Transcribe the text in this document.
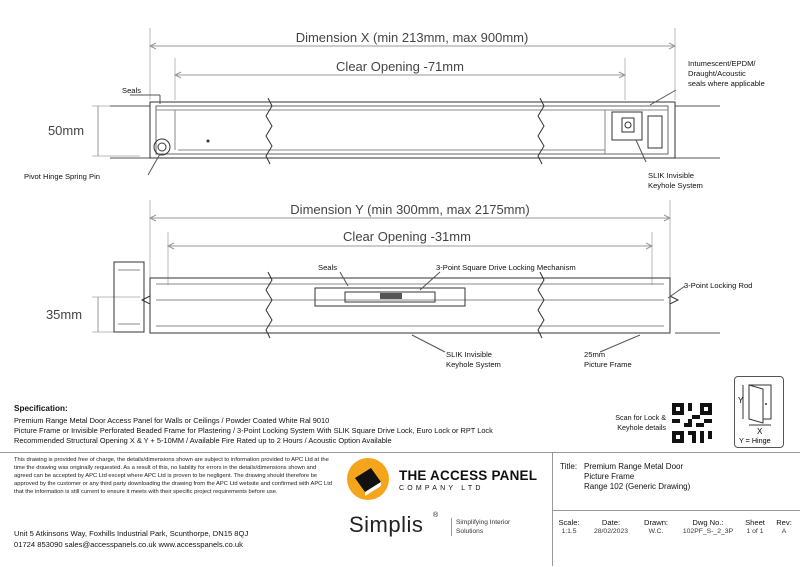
Dimension X (min 213mm, max 900mm)
Clear Opening -71mm
Dimension Y (min 300mm, max 2175mm)
Clear Opening -31mm
50mm
35mm
Seals
Intumescent/EPDM/
Draught/Acoustic
seals where applicable
Pivot Hinge Spring Pin	SLIK Invisible
Keyhole System
Seals	3-Point Square Drive Locking Mechanism
3-Point Locking Rod
SLIK Invisible
Keyhole System
25mm
Picture Frame
Y
X
Y = Hinge
Specification:
Premium Range Metal Door Access Panel for Walls or Ceilings / Powder Coated White Ral 9010
Picture Frame or Invisible Perforated Beaded Frame for Plastering / 3-Point Locking System With SLIK Square Drive Lock, Euro Lock or RPT Lock
Recommended Structural Opening X & Y + 5-10MM / Available Fire Rated up to 2 Hours / Acoustic Option Available
Scan for Lock &
Keyhole details
This drawing is provided free of charge, the details/dimensions shown are subject to information provided to APC Ltd at the time the drawing was originally requested. As a result of this, no liability for errors in the details/dimensions shown and agreed can be accepted by APC Ltd except where APC Ltd is proven to be negligent. The drawing should therefore be approved by the customer or any third party downloading the drawing from the APC Ltd website and confirmed with APC Ltd that the information is still current to ensure it meets with their specific project requirements before use.
Unit 5 Atkinsons Way, Foxhills Industrial Park, Scunthorpe, DN15 8QJ
01724 853090 sales@accesspanels.co.uk www.accesspanels.co.uk
THE ACCESS PANEL
COMPANY LTD
Simplis ®
Simplifying Interior Solutions
Title: Premium Range Metal Door
Picture Frame
Range 102 (Generic Drawing)
Scale:
1:1.5
Date:
28/02/2023
Drawn:
W.C.
Dwg No.:
102PF_S-_2_3P
Sheet
1 of 1
Rev:
A
